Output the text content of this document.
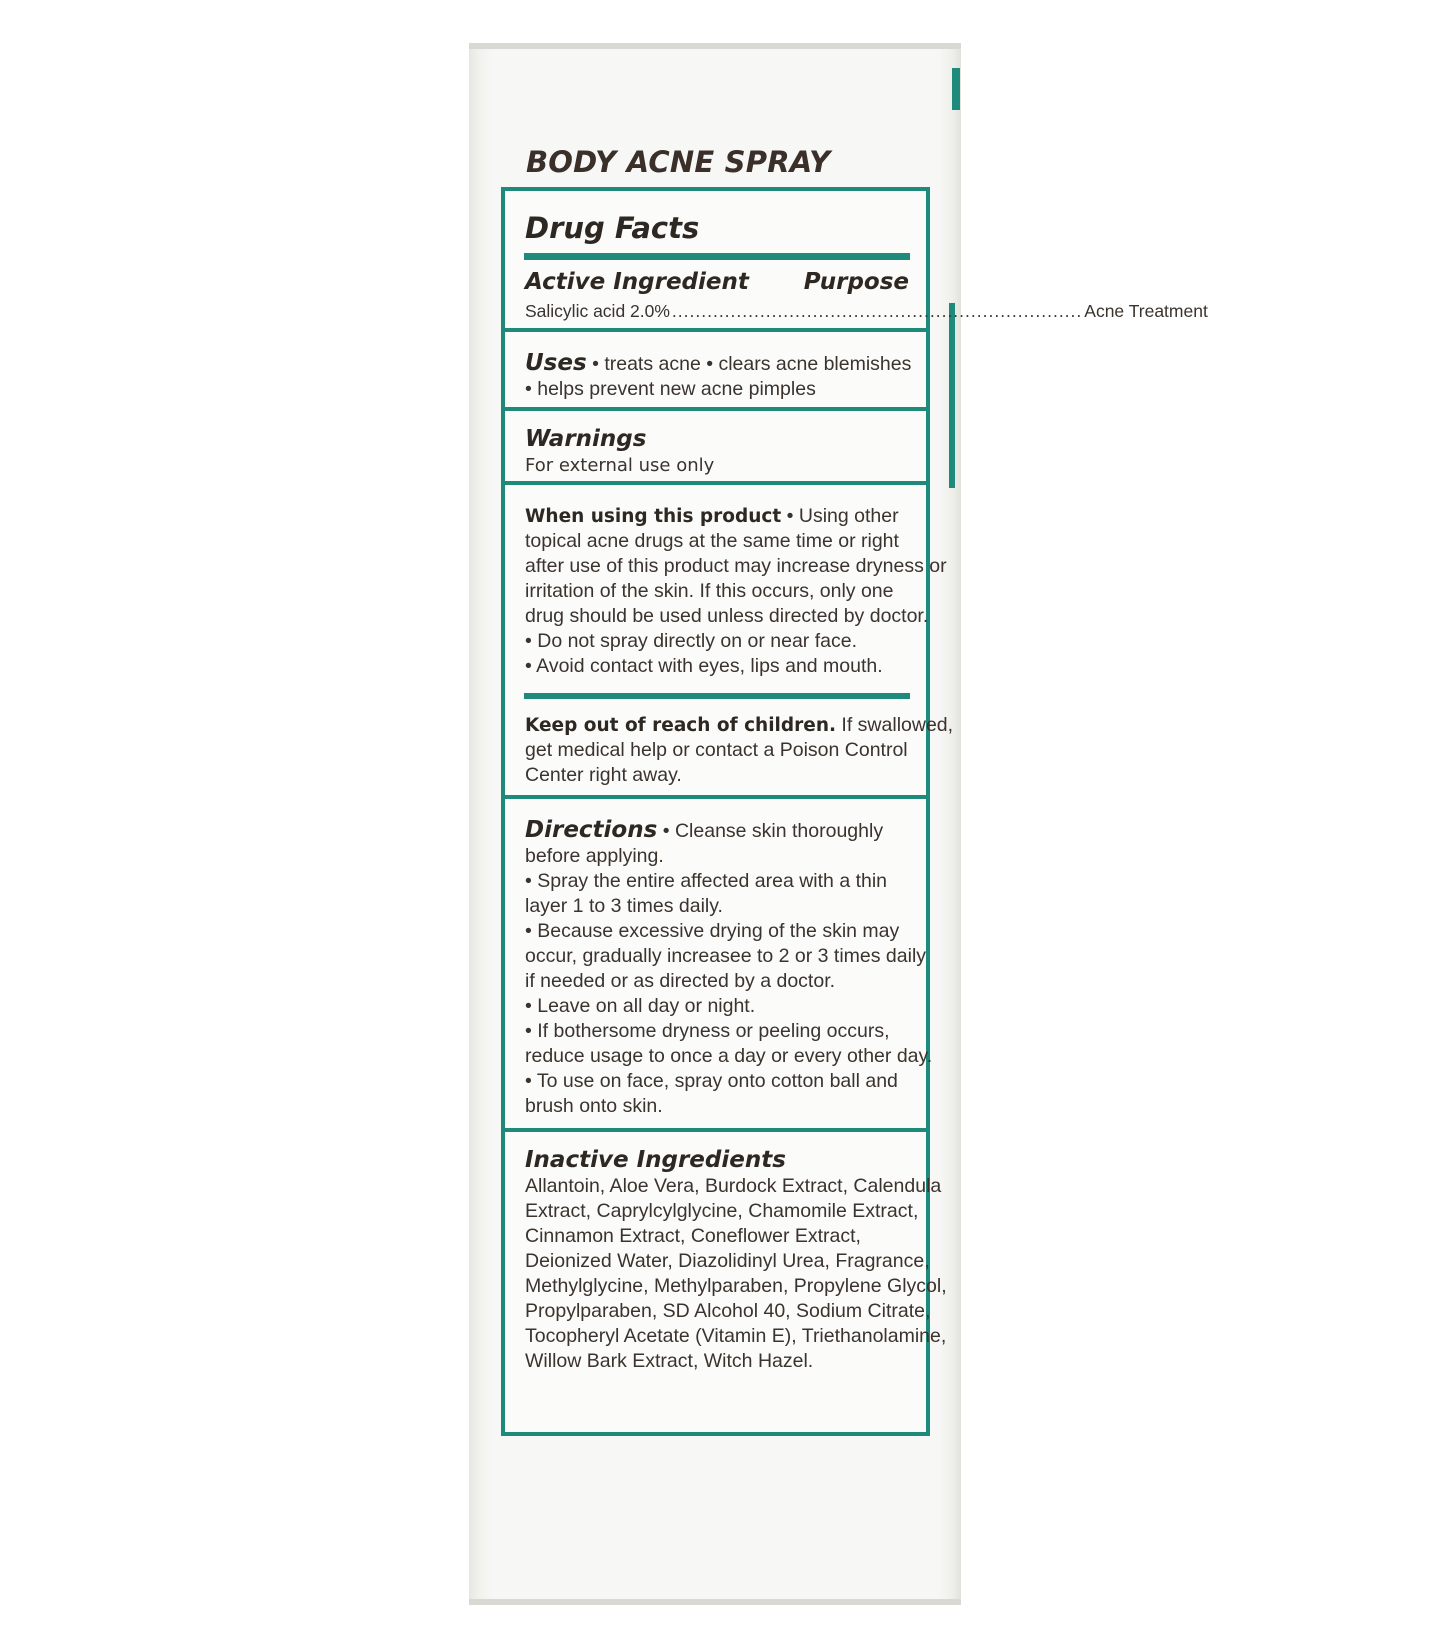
BODY ACNE SPRAY
Drug Facts

Active Ingredient Purpose

Salicylic acid 2.0% ...................................................................... Acne Treatment

Uses • treats acne • clears acne blemishes

• helps prevent new acne pimples

Warnings

For external use only

When using this product • Using other

topical acne drugs at the same time or right

after use of this product may increase dryness or

irritation of the skin. If this occurs, only one

drug should be used unless directed by doctor.

• Do not spray directly on or near face.

• Avoid contact with eyes, lips and mouth.

Keep out of reach of children. If swallowed,

get medical help or contact a Poison Control

Center right away.

Directions • Cleanse skin thoroughly

before applying.

• Spray the entire affected area with a thin

layer 1 to 3 times daily.

• Because excessive drying of the skin may

occur, gradually increasee to 2 or 3 times daily

if needed or as directed by a doctor.

• Leave on all day or night.

• If bothersome dryness or peeling occurs,

reduce usage to once a day or every other day.

• To use on face, spray onto cotton ball and

brush onto skin.

Inactive Ingredients

Allantoin, Aloe Vera, Burdock Extract, Calendula

Extract, Caprylcylglycine, Chamomile Extract,

Cinnamon Extract, Coneflower Extract,

Deionized Water, Diazolidinyl Urea, Fragrance,

Methylglycine, Methylparaben, Propylene Glycol,

Propylparaben, SD Alcohol 40, Sodium Citrate,

Tocopheryl Acetate (Vitamin E), Triethanolamine,

Willow Bark Extract, Witch Hazel.
